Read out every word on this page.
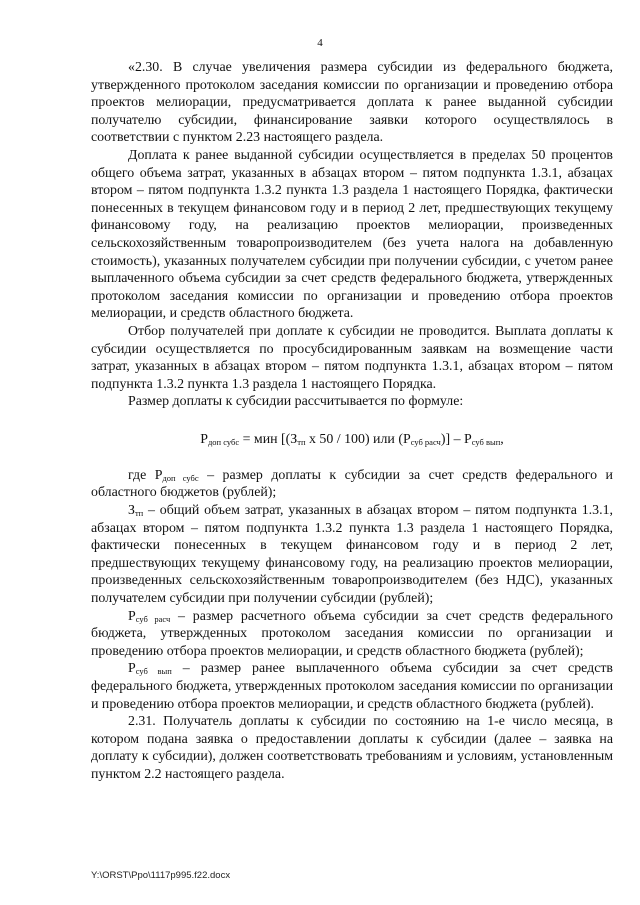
4

«2.30. В случае увеличения размера субсидии из федерального бюджета, утвержденного протоколом заседания комиссии по организации и проведению отбора проектов мелиорации, предусматривается доплата к ранее выданной субсидии получателю субсидии, финансирование заявки которого осуществлялось в соответствии с пунктом 2.23 настоящего раздела.

Доплата к ранее выданной субсидии осуществляется в пределах 50 процентов общего объема затрат, указанных в абзацах втором – пятом подпункта 1.3.1, абзацах втором – пятом подпункта 1.3.2 пункта 1.3 раздела 1 настоящего Порядка, фактически понесенных в текущем финансовом году и в период 2 лет, предшествующих текущему финансовому году, на реализацию проектов мелиорации, произведенных сельскохозяйственным товаропроизводителем (без учета налога на добавленную стоимость), указанных получателем субсидии при получении субсидии, с учетом ранее выплаченного объема субсидии за счет средств федерального бюджета, утвержденных протоколом заседания комиссии по организации и проведению отбора проектов мелиорации, и средств областного бюджета.

Отбор получателей при доплате к субсидии не проводится. Выплата доплаты к субсидии осуществляется по просубсидированным заявкам на возмещение части затрат, указанных в абзацах втором – пятом подпункта 1.3.1, абзацах втором – пятом подпункта 1.3.2 пункта 1.3 раздела 1 настоящего Порядка.

Размер доплаты к субсидии рассчитывается по формуле:

$Р_{доп субс}$ = мин [($З_{тп}$ х 50 / 100) или $(Р_{суб расч})] - Р_{суб вып}$,

где $Р_{доп субс}$ – размер доплаты к субсидии за счет средств федерального и областного бюджетов (рублей);

$З_{тп}$ – общий объем затрат, указанных в абзацах втором – пятом подпункта 1.3.1, абзацах втором – пятом подпункта 1.3.2 пункта 1.3 раздела 1 настоящего Порядка, фактически понесенных в текущем финансовом году и в период 2 лет, предшествующих текущему финансовому году, на реализацию проектов мелиорации, произведенных сельскохозяйственным товаропроизводителем (без НДС), указанных получателем субсидии при получении субсидии (рублей);

$Р_{суб расч}$ – размер расчетного объема субсидии за счет средств федерального бюджета, утвержденных протоколом заседания комиссии по организации и проведению отбора проектов мелиорации, и средств областного бюджета (рублей);

$Р_{суб вып}$ – размер ранее выплаченного объема субсидии за счет средств федерального бюджета, утвержденных протоколом заседания комиссии по организации и проведению отбора проектов мелиорации, и средств областного бюджета (рублей).

2.31. Получатель доплаты к субсидии по состоянию на 1-е число месяца, в котором подана заявка о предоставлении доплаты к субсидии (далее – заявка на доплату к субсидии), должен соответствовать требованиям и условиям, установленным пунктом 2.2 настоящего раздела.

Y:\ORST\Ppo\1117p995.f22.docx
